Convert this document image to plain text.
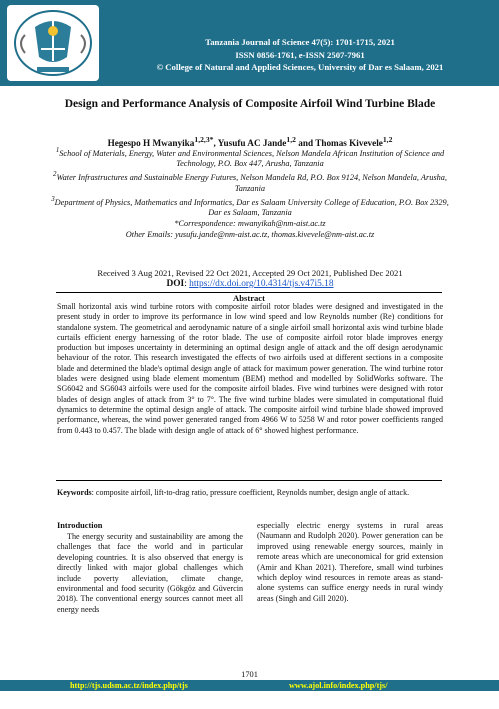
Tanzania Journal of Science 47(5): 1701-1715, 2021
ISSN 0856-1761, e-ISSN 2507-7961
© College of Natural and Applied Sciences, University of Dar es Salaam, 2021
Design and Performance Analysis of Composite Airfoil Wind Turbine Blade
Hegespo H Mwanyika$^{1,2,3*}$, Yusufu AC Jande$^{1,2}$ and Thomas Kivevele$^{1,2}$
$^1$School of Materials, Energy, Water and Environmental Sciences, Nelson Mandela African Institution of Science and Technology, P.O. Box 447, Arusha, Tanzania
$^2$Water Infrastructures and Sustainable Energy Futures, Nelson Mandela Rd, P.O. Box 9124, Nelson Mandela, Arusha, Tanzania
$^3$Department of Physics, Mathematics and Informatics, Dar es Salaam University College of Education, P.O. Box 2329, Dar es Salaam, Tanzania
*Correspondence: mwanyikah@nm-aist.ac.tz
Other Emails: yusufu.jande@nm-aist.ac.tz, thomas.kivevele@nm-aist.ac.tz
Received 3 Aug 2021, Revised 22 Oct 2021, Accepted 29 Oct 2021, Published Dec 2021
DOI: https://dx.doi.org/10.4314/tjs.v47i5.18
Abstract
Small horizontal axis wind turbine rotors with composite airfoil rotor blades were designed and investigated in the present study in order to improve its performance in low wind speed and low Reynolds number (Re) conditions for standalone system. The geometrical and aerodynamic nature of a single airfoil small horizontal axis wind turbine blade curtails efficient energy harnessing of the rotor blade. The use of composite airfoil rotor blade improves energy production but imposes uncertainty in determining an optimal design angle of attack and the off design aerodynamic behaviour of the rotor. This research investigated the effects of two airfoils used at different sections in a composite blade and determined the blade's optimal design angle of attack for maximum power generation. The wind turbine rotor blades were designed using blade element momentum (BEM) method and modelled by SolidWorks software. The SG6042 and SG6043 airfoils were used for the composite airfoil blades. Five wind turbines were designed with rotor blades of design angles of attack from 3° to 7°. The five wind turbine blades were simulated in computational fluid dynamics to determine the optimal design angle of attack. The composite airfoil wind turbine blade showed improved performance, whereas, the wind power generated ranged from 4966 W to 5258 W and rotor power coefficients ranged from 0.443 to 0.457. The blade with design angle of attack of 6° showed highest performance.
Keywords: composite airfoil, lift-to-drag ratio, pressure coefficient, Reynolds number, design angle of attack.
Introduction

The energy security and sustainability are among the challenges that face the world and in particular developing countries. It is also observed that energy is directly linked with major global challenges which include poverty alleviation, climate change, environmental and food security (Gökgöz and Güvercin 2018). The conventional energy sources cannot meet all energy needs

especially electric energy systems in rural areas (Naumann and Rudolph 2020). Power generation can be improved using renewable energy sources, mainly in remote areas which are uneconomical for grid extension (Amir and Khan 2021). Therefore, small wind turbines which deploy wind resources in remote areas as stand-alone systems can suffice energy needs in rural windy areas (Singh and Gill 2020).

1701
http://tjs.udsm.ac.tz/index.php/tjs	www.ajol.info/index.php/tjs/
